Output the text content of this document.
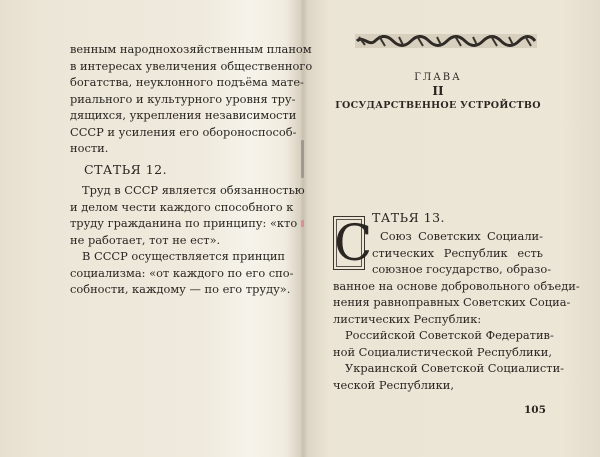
венным народнохозяйственным планом
в интересах увеличения общественного
богатства, неуклонного подъёма мате-
риального и культурного уровня тру-
дящихся, укрепления независимости
СССР и усиления его обороноспособ-
ности.
СТАТЬЯ 12.
Труд в СССР является обязанностью
и делом чести каждого способного к
труду гражданина по принципу: «кто
не работает, тот не ест».
В СССР осуществляется принцип
социализма: «от каждого по его спо-
собности, каждому — по его труду».
ГЛАВА
II
ГОСУДАРСТВЕННОЕ УСТРОЙСТВО
С ТАТЬЯ 13.
Союз Советских Социали-
стических Республик есть
союзное государство, образо-
ванное на основе добровольного объеди-
нения равноправных Советских Социа-
листических Республик:
Российской Советской Федератив-
ной Социалистической Республики,
Украинской Советской Социалисти-
ческой Республики,
105
